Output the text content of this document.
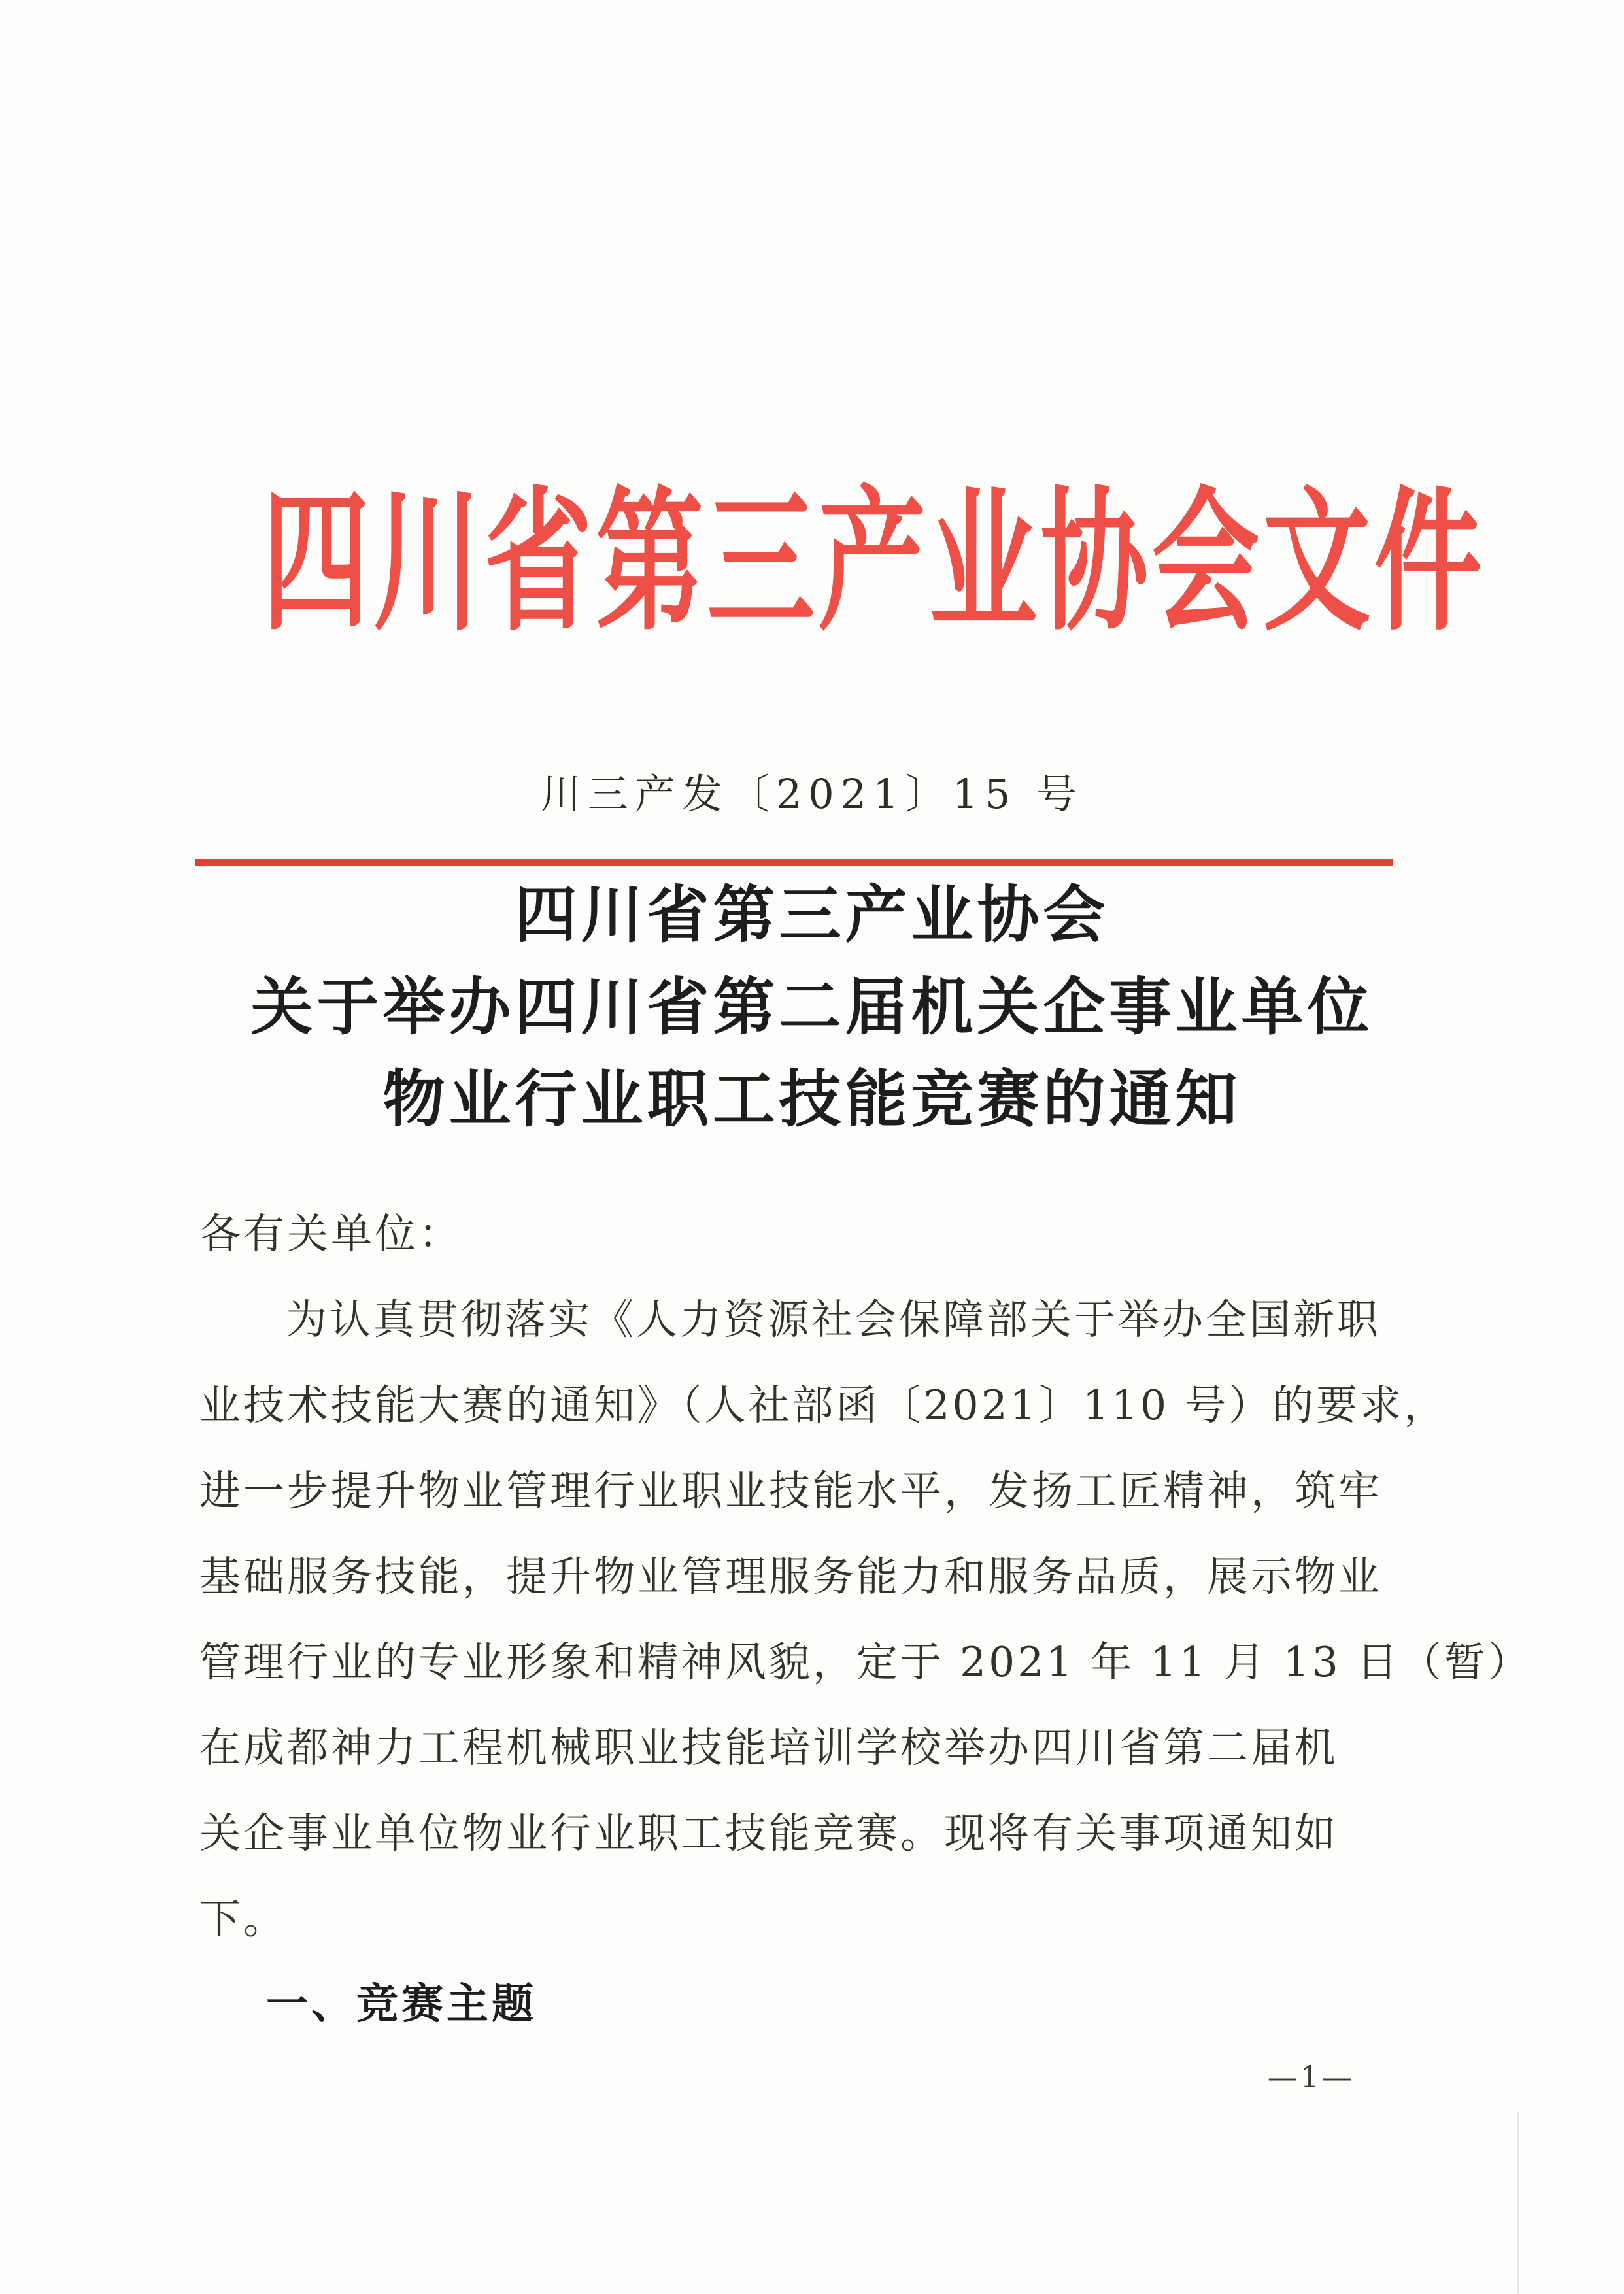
四川省第三产业协会文件
川三产发〔2021〕15 号
四川省第三产业协会
关于举办四川省第二届机关企事业单位
物业行业职工技能竞赛的通知
各有关单位：
为认真贯彻落实《人力资源社会保障部关于举办全国新职
业技术技能大赛的通知》（人社部函〔2021〕110 号）的要求，
进一步提升物业管理行业职业技能水平，发扬工匠精神，筑牢
基础服务技能，提升物业管理服务能力和服务品质，展示物业
管理行业的专业形象和精神风貌，定于 2021 年 11 月 13 日（暂）
在成都神力工程机械职业技能培训学校举办四川省第二届机
关企事业单位物业行业职工技能竞赛。现将有关事项通知如
下。
一、竞赛主题
—1—
